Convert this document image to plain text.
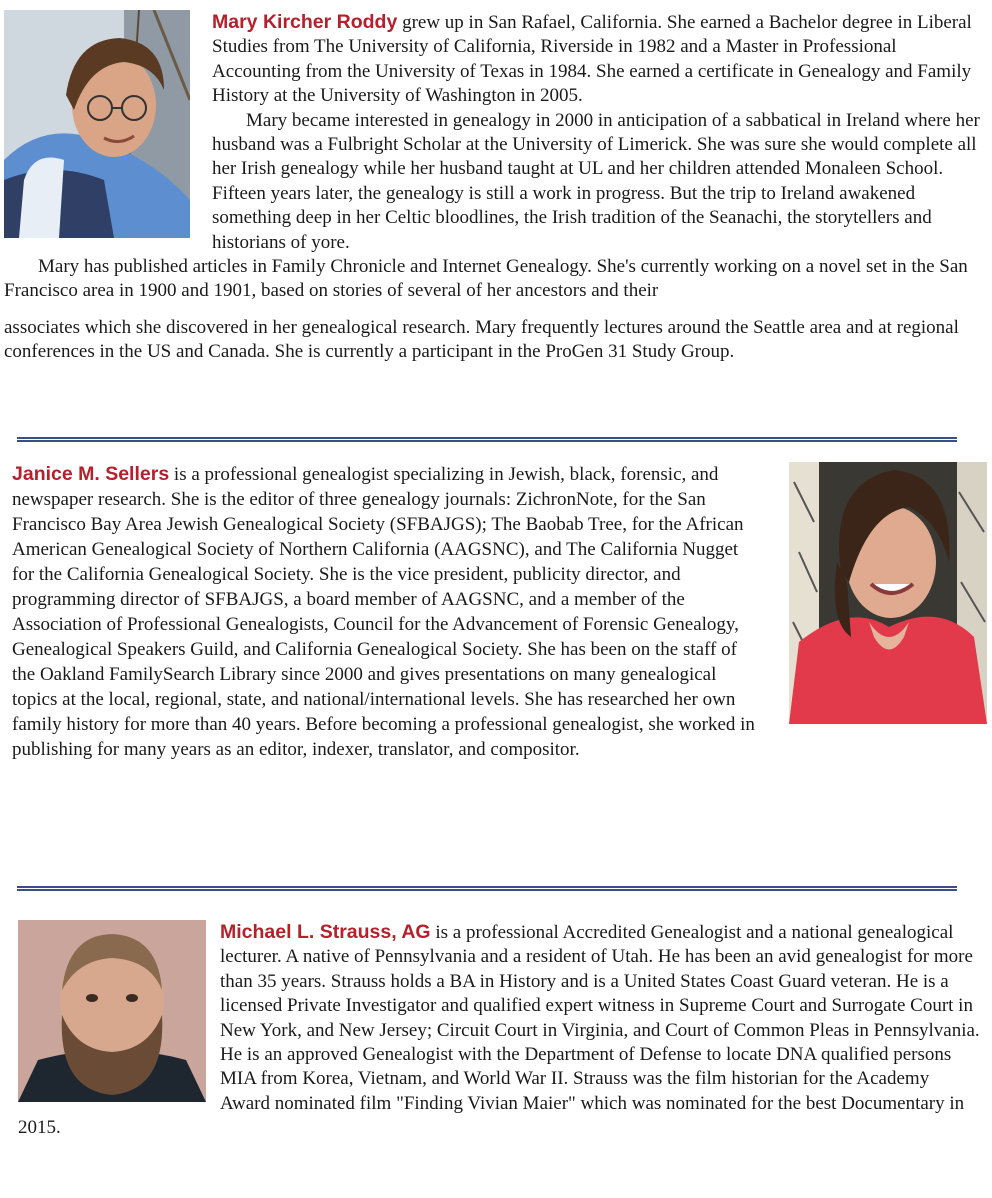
Mary Kircher Roddy grew up in San Rafael, California. She earned a Bachelor degree in Liberal Studies from The University of California, Riverside in 1982 and a Master in Professional Accounting from the University of Texas in 1984. She earned a certificate in Genealogy and Family History at the University of Washington in 2005.

Mary became interested in genealogy in 2000 in anticipation of a sabbatical in Ireland where her husband was a Fulbright Scholar at the University of Limerick. She was sure she would complete all her Irish genealogy while her husband taught at UL and her children attended Monaleen School. Fifteen years later, the genealogy is still a work in progress. But the trip to Ireland awakened something deep in her Celtic bloodlines, the Irish tradition of the Seanachi, the storytellers and historians of yore.

Mary has published articles in Family Chronicle and Internet Genealogy. She's currently working on a novel set in the San Francisco area in 1900 and 1901, based on stories of several of her ancestors and their

associates which she discovered in her genealogical research. Mary frequently lectures around the Seattle area and at regional conferences in the US and Canada. She is currently a participant in the ProGen 31 Study Group.

Janice M. Sellers is a professional genealogist specializing in Jewish, black, forensic, and newspaper research. She is the editor of three genealogy journals: ZichronNote, for the San Francisco Bay Area Jewish Genealogical Society (SFBAJGS); The Baobab Tree, for the African American Genealogical Society of Northern California (AAGSNC), and The California Nugget for the California Genealogical Society. She is the vice president, publicity director, and programming director of SFBAJGS, a board member of AAGSNC, and a member of the Association of Professional Genealogists, Council for the Advancement of Forensic Genealogy, Genealogical Speakers Guild, and California Genealogical Society. She has been on the staff of the Oakland FamilySearch Library since 2000 and gives presentations on many genealogical topics at the local, regional, state, and national/international levels. She has researched her own family history for more than 40 years. Before becoming a professional genealogist, she worked in publishing for many years as an editor, indexer, translator, and compositor.

Michael L. Strauss, AG is a professional Accredited Genealogist and a national genealogical lecturer. A native of Pennsylvania and a resident of Utah. He has been an avid genealogist for more than 35 years. Strauss holds a BA in History and is a United States Coast Guard veteran. He is a licensed Private Investigator and qualified expert witness in Supreme Court and Surrogate Court in New York, and New Jersey; Circuit Court in Virginia, and Court of Common Pleas in Pennsylvania. He is an approved Genealogist with the Department of Defense to locate DNA qualified persons MIA from Korea, Vietnam, and World War II. Strauss was the film historian for the Academy Award nominated film "Finding Vivian Maier" which was nominated for the best Documentary in 2015.
